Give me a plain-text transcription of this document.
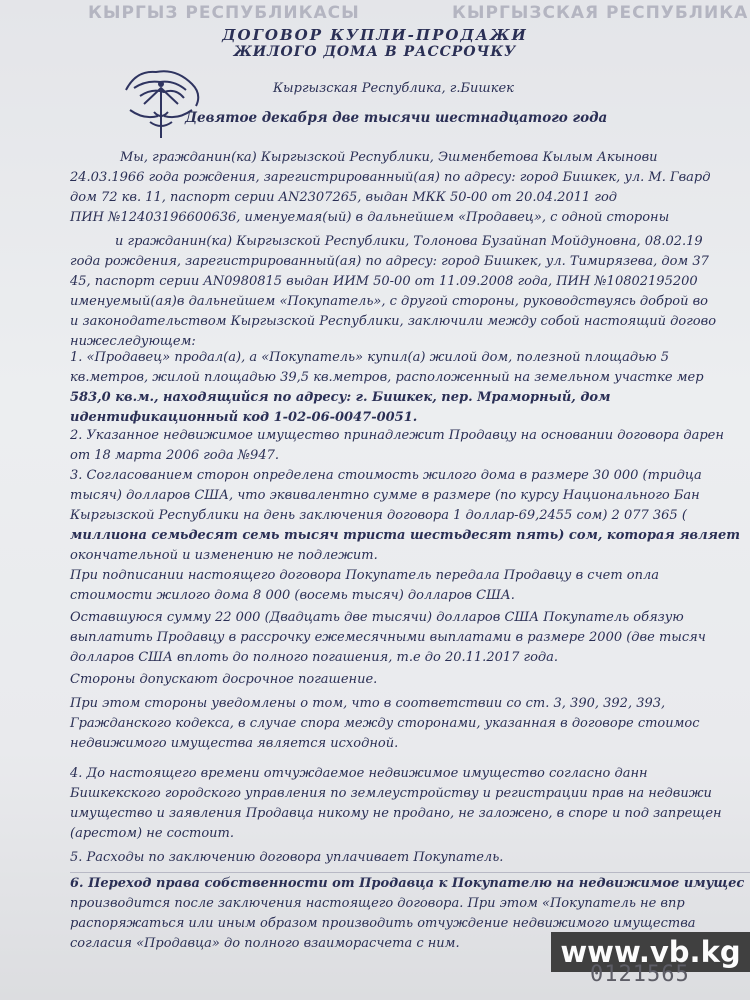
КЫРГЫЗ РЕСПУБЛИКАСЫ	КЫРГЫЗСКАЯ РЕСПУБЛИКА
ДОГОВОР КУПЛИ-ПРОДАЖИ
ЖИЛОГО ДОМА В РАССРОЧКУ
Кыргызская Республика, г.Бишкек
Девятое декабря две тысячи шестнадцатого года
Мы, гражданин(ка) Кыргызской Республики, Эшменбетова Кылым Акынови
24.03.1966 года рождения, зарегистрированный(ая) по адресу: город Бишкек, ул. М. Гвард
дом 72 кв. 11, паспорт серии AN2307265, выдан МКК 50-00 от 20.04.2011 год
ПИН №12403196600636, именуемая(ый) в дальнейшем «Продавец», с одной стороны
и гражданин(ка) Кыргызской Республики, Толонова Бузайнап Мойдуновна, 08.02.19
года рождения, зарегистрированный(ая) по адресу: город Бишкек, ул. Тимирязева, дом 37
45, паспорт серии AN0980815 выдан ИИМ 50-00 от 11.09.2008 года, ПИН №10802195200
именуемый(ая)в дальнейшем «Покупатель», с другой стороны, руководствуясь доброй во
и законодательством Кыргызской Республики, заключили между собой настоящий догово
нижеследующем:
1. «Продавец» продал(а), а «Покупатель» купил(а) жилой дом, полезной площадью 5
кв.метров, жилой площадью 39,5 кв.метров, расположенный на земельном участке мер
583,0 кв.м., находящийся по адресу: г. Бишкек, пер. Мраморный, дом
идентификационный код 1-02-06-0047-0051.
2. Указанное недвижимое имущество принадлежит Продавцу на основании договора дарен
от 18 марта 2006 года №947.
3. Согласованием сторон определена стоимость жилого дома в размере 30 000 (тридца
тысяч) долларов США, что эквивалентно сумме в размере (по курсу Национального Бан
Кыргызской Республики на день заключения договора 1 доллар-69,2455 сом) 2 077 365 (
миллиона семьдесят семь тысяч триста шестьдесят пять) сом, которая являет
окончательной и изменению не подлежит.
При подписании настоящего договора Покупатель передала Продавцу в счет опла
стоимости жилого дома 8 000 (восемь тысяч) долларов США.
Оставшуюся сумму 22 000 (Двадцать две тысячи) долларов США Покупатель обязую
выплатить Продавцу в рассрочку ежемесячными выплатами в размере 2000 (две тысяч
долларов США вплоть до полного погашения, т.е до 20.11.2017 года.
Стороны допускают досрочное погашение.
При этом стороны уведомлены о том, что в соответствии со ст. 3, 390, 392, 393,
Гражданского кодекса, в случае спора между сторонами, указанная в договоре стоимос
недвижимого имущества является исходной.
4. До настоящего времени отчуждаемое недвижимое имущество согласно данн
Бишкекского городского управления по землеустройству и регистрации прав на недвижи
имущество и заявления Продавца никому не продано, не заложено, в споре и под запрещен
(арестом) не состоит.
5. Расходы по заключению договора уплачивает Покупатель.
6. Переход права собственности от Продавца к Покупателю на недвижимое имущес
производится после заключения настоящего договора. При этом «Покупатель не впр
распоряжаться или иным образом производить отчуждение недвижимого имущества
согласия «Продавца» до полного взаиморасчета с ним.	www.vb.kg
0121565
